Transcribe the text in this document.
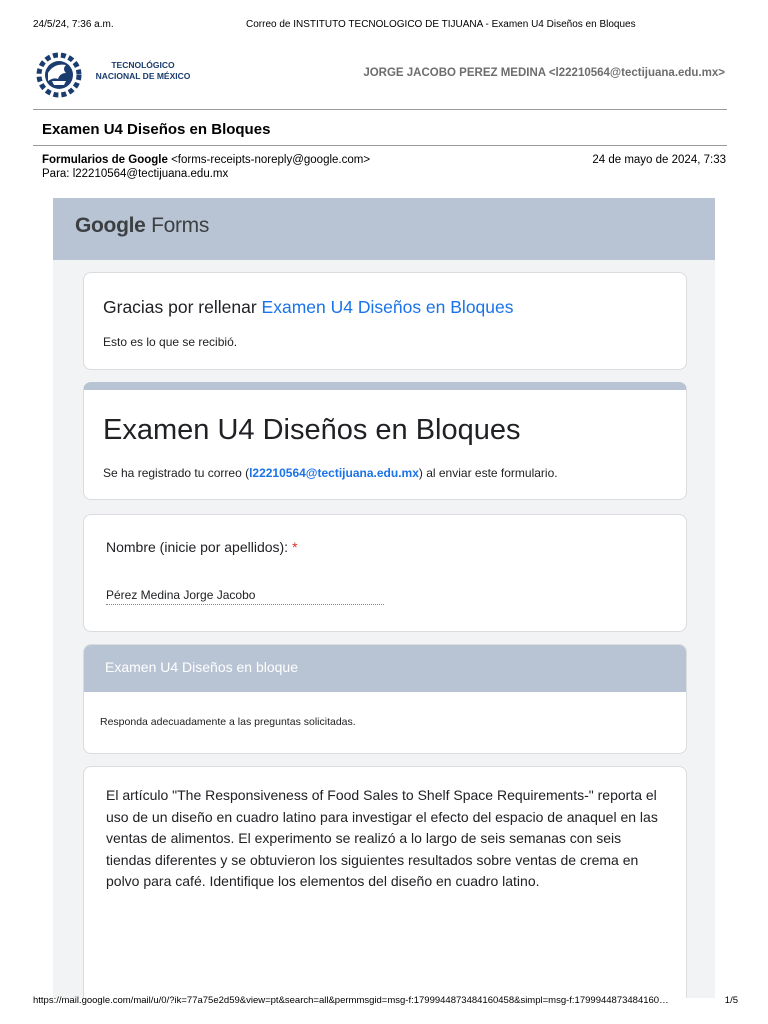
24/5/24, 7:36 a.m.	Correo de INSTITUTO TECNOLOGICO DE TIJUANA - Examen U4 Diseños en Bloques
TECNOLÓGICO
NACIONAL DE MÉXICO	JORGE JACOBO PEREZ MEDINA <l22210564@tectijuana.edu.mx>
Examen U4 Diseños en Bloques
Formularios de Google <forms-receipts-noreply@google.com>	24 de mayo de 2024, 7:33
Para: l22210564@tectijuana.edu.mx
Google Forms
Gracias por rellenar Examen U4 Diseños en Bloques
Esto es lo que se recibió.
Examen U4 Diseños en Bloques
Se ha registrado tu correo (l22210564@tectijuana.edu.mx) al enviar este formulario.
Nombre (inicie por apellidos): *
Pérez Medina Jorge Jacobo
Examen U4 Diseños en bloque
Responda adecuadamente a las preguntas solicitadas.
El artículo "The Responsiveness of Food Sales to Shelf Space Requirements-" reporta el uso de un diseño en cuadro latino para investigar el efecto del espacio de anaquel en las ventas de alimentos. El experimento se realizó a lo largo de seis semanas con seis tiendas diferentes y se obtuvieron los siguientes resultados sobre ventas de crema en polvo para café. Identifique los elementos del diseño en cuadro latino.
https://mail.google.com/mail/u/0/?ik=77a75e2d59&view=pt&search=all&permmsgid=msg-f:1799944873484160458&simpl=msg-f:1799944873484160…	1/5
